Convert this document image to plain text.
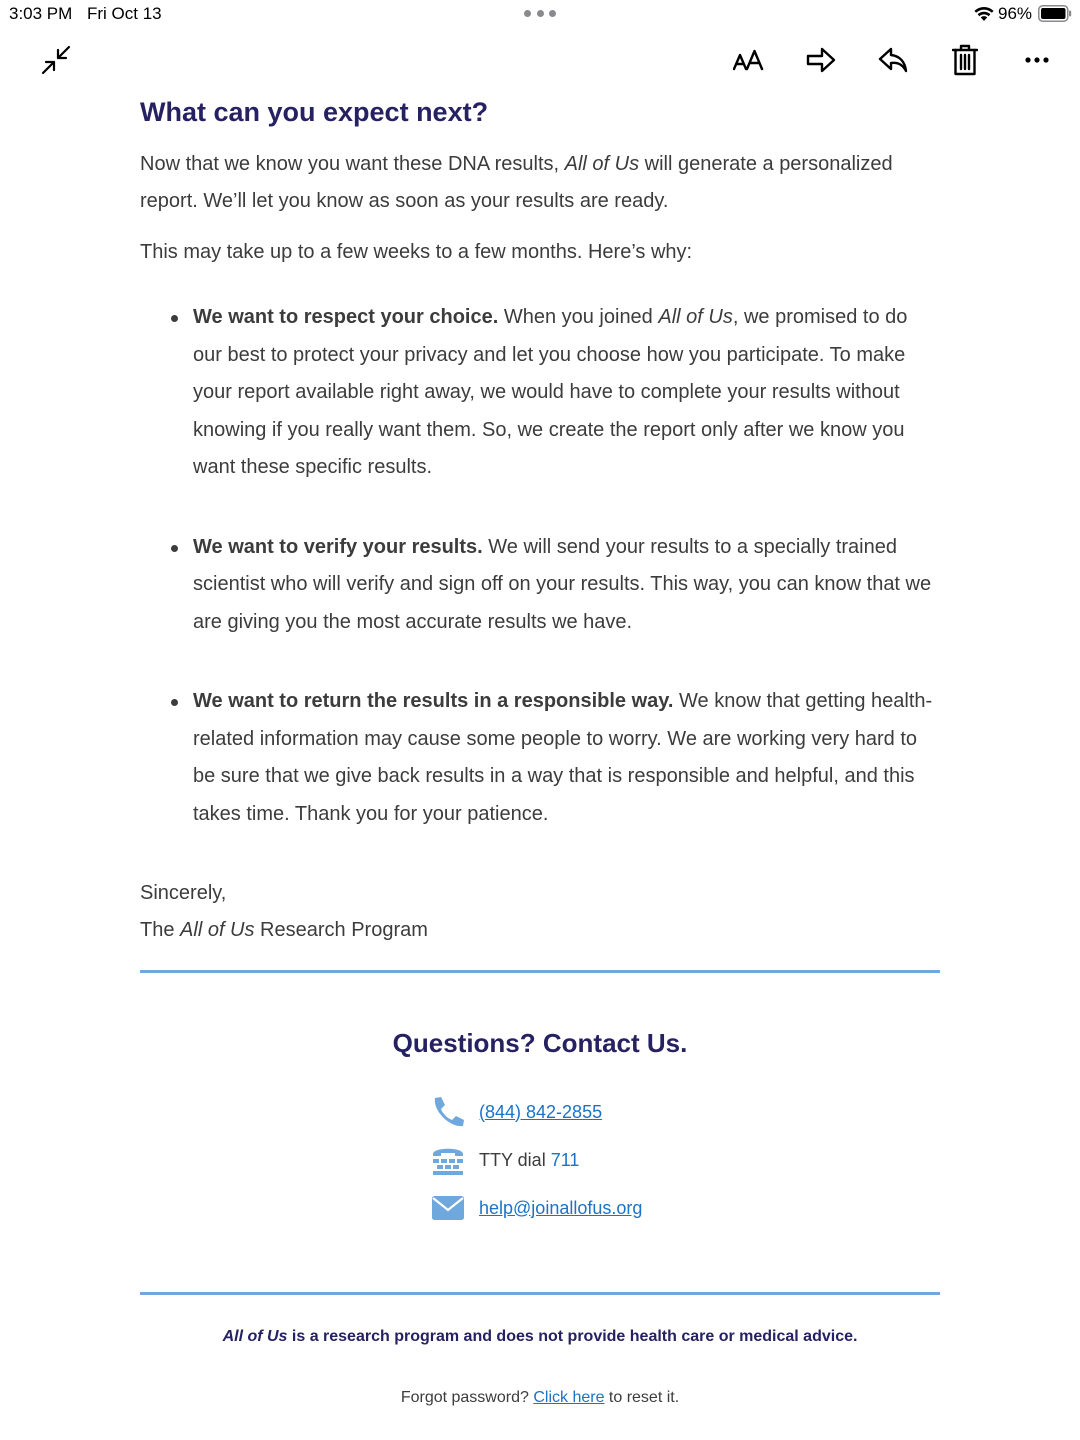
3:03 PM Fri Oct 13	96%
What can you expect next?

Now that we know you want these DNA results, All of Us will generate a personalized report. We’ll let you know as soon as your results are ready.

This may take up to a few weeks to a few months. Here’s why:

We want to respect your choice. When you joined All of Us, we promised to do our best to protect your privacy and let you choose how you participate. To make your report available right away, we would have to complete your results without knowing if you really want them. So, we create the report only after we know you want these specific results.
We want to verify your results. We will send your results to a specially trained scientist who will verify and sign off on your results. This way, you can know that we are giving you the most accurate results we have.
We want to return the results in a responsible way. We know that getting health-related information may cause some people to worry. We are working very hard to be sure that we give back results in a way that is responsible and helpful, and this takes time. Thank you for your patience.

Sincerely,

The All of Us Research Program

Questions? Contact Us.
(844) 842-2855
TTY dial 711
help@joinallofus.org

All of Us is a research program and does not provide health care or medical advice.

Forgot password? Click here to reset it.
